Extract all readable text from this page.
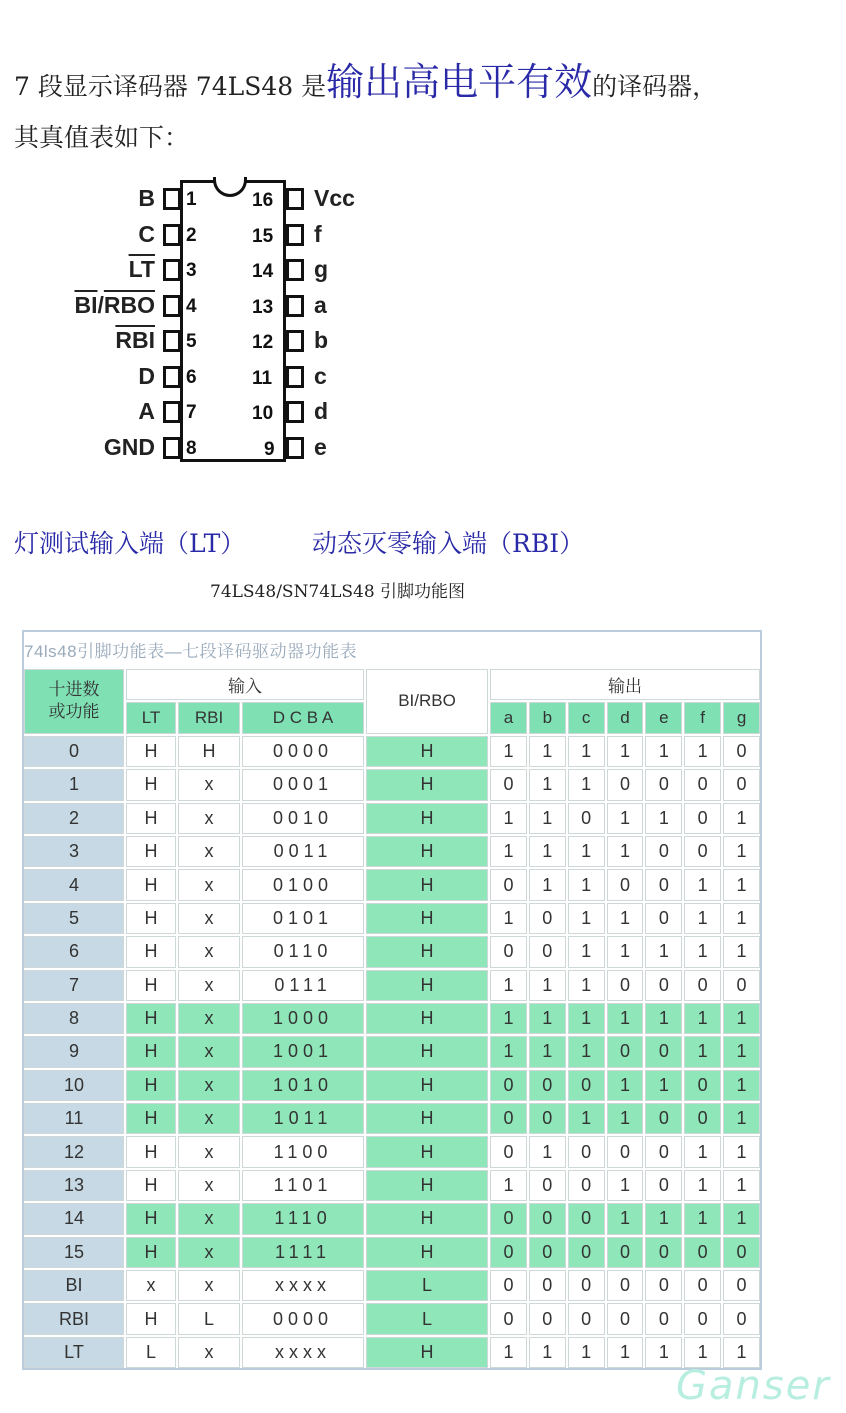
7 段显示译码器 74LS48 是输出高电平有效的译码器，
其真值表如下：
1
B
2
C
3
$\overline{LT}$
4
$\overline{BI}/\overline{RBO}$
5
$\overline{RBI}$
6
D
7
A
8
GND
16 Vcc
15 f
14 g
13 a
12 b
11 c
10 d
9 e
灯测试输入端（LT）	动态灭零输入端（RBI）
74LS48/SN74LS48 引脚功能图
74ls48引脚功能表—七段译码驱动器功能表
十进数
或功能	输入			BI/RBO	输出						
	LT	RBI	D C B A		a	b	c	d	e	f	g
0	H	H	0000	H	1	1	1	1	1	1	0
1	H	x	0001	H	0	1	1	0	0	0	0
2	H	x	0010	H	1	1	0	1	1	0	1
3	H	x	0011	H	1	1	1	1	0	0	1
4	H	x	0100	H	0	1	1	0	0	1	1
5	H	x	0101	H	1	0	1	1	0	1	1
6	H	x	0110	H	0	0	1	1	1	1	1
7	H	x	0111	H	1	1	1	0	0	0	0
8	H	x	1000	H	1	1	1	1	1	1	1
9	H	x	1001	H	1	1	1	0	0	1	1
10	H	x	1010	H	0	0	0	1	1	0	1
11	H	x	1011	H	0	0	1	1	0	0	1
12	H	x	1100	H	0	1	0	0	0	1	1
13	H	x	1101	H	1	0	0	1	0	1	1
14	H	x	1110	H	0	0	0	1	1	1	1
15	H	x	1111	H	0	0	0	0	0	0	0
BI	x	x	xxxx	L	0	0	0	0	0	0	0
RBI	H	L	0000	L	0	0	0	0	0	0	0
LT	L	x	xxxx	H	1	1	1	1	1	1	1
Ganser
